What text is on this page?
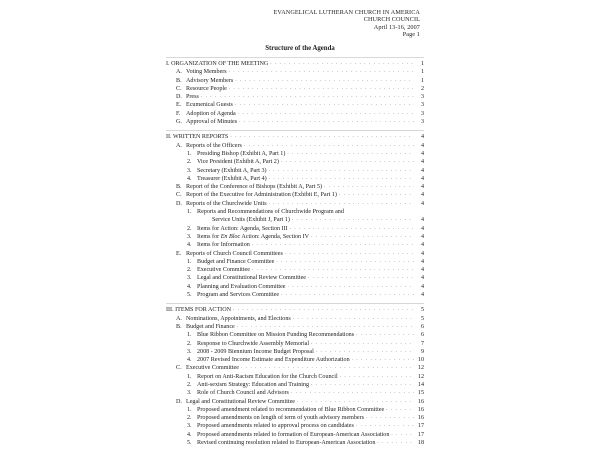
EVANGELICAL LUTHERAN CHURCH IN AMERICA
CHURCH COUNCIL
April 13-16, 2007
Page 1
Structure of the Agenda
I. ORGANIZATION OF THE MEETING . . .	1
A. Voting Members . . .	1
B. Advisory Members . . .	1
C. Resource People . . .	2
D. Press . . .	3
E. Ecumenical Guests . . .	3
F. Adoption of Agenda . . .	3
G. Approval of Minutes . . .	3
II. WRITTEN REPORTS . . .	4
A. Reports of the Officers . . .	4
1. Presiding Bishop (Exhibit A, Part 1) . . .	4
2. Vice President (Exhibit A, Part 2) . . .	4
3. Secretary (Exhibit A, Part 3) . . .	4
4. Treasurer (Exhibit A, Part 4) . . .	4
B. Report of the Conference of Bishops (Exhibit A, Part 5) . . .	4
C. Report of the Executive for Administration (Exhibit E, Part 1) . . .	4
D. Reports of the Churchwide Units . . .	4
1. Reports and Recommendations of Churchwide Program and
Service Units (Exhibit J, Part 1) . . .	4
2. Items for Action: Agenda, Section III . . .	4
3. Items for En Bloc Action: Agenda, Section IV . . .	4
4. Items for Information . . .	4
E. Reports of Church Council Committees . . .	4
1. Budget and Finance Committee . . .	4
2. Executive Committee . . .	4
3. Legal and Constitutional Review Committee . . .	4
4. Planning and Evaluation Committee . . .	4
5. Program and Services Committee . . .	4
III. ITEMS FOR ACTION . . .	5
A. Nominations, Appointments, and Elections . . .	5
B. Budget and Finance . . .	6
1. Blue Ribbon Committee on Mission Funding Recommendations . . .	6
2. Response to Churchwide Assembly Memorial . . .	7
3. 2008 - 2009 Biennium Income Budget Proposal . . .	9
4. 2007 Revised Income Estimate and Expenditure Authorization . . .	10
C. Executive Committee . . .	12
1. Report on Anti-Racism Education for the Church Council . . .	12
2. Anti-sexism Strategy: Education and Training . . .	14
3. Role of Church Council and Advisors . . .	15
D. Legal and Constitutional Review Committee . . .	16
1. Proposed amendment related to recommendation of Blue Ribbon Committee . . .	16
2. Proposed amendments on length of term of youth advisory members . . .	16
3. Proposed amendments related to approval process on candidates . . .	17
4. Proposed amendments related to formation of European-American Association . . .	17
5. Revised continuing resolution related to European-American Association . . .	18
